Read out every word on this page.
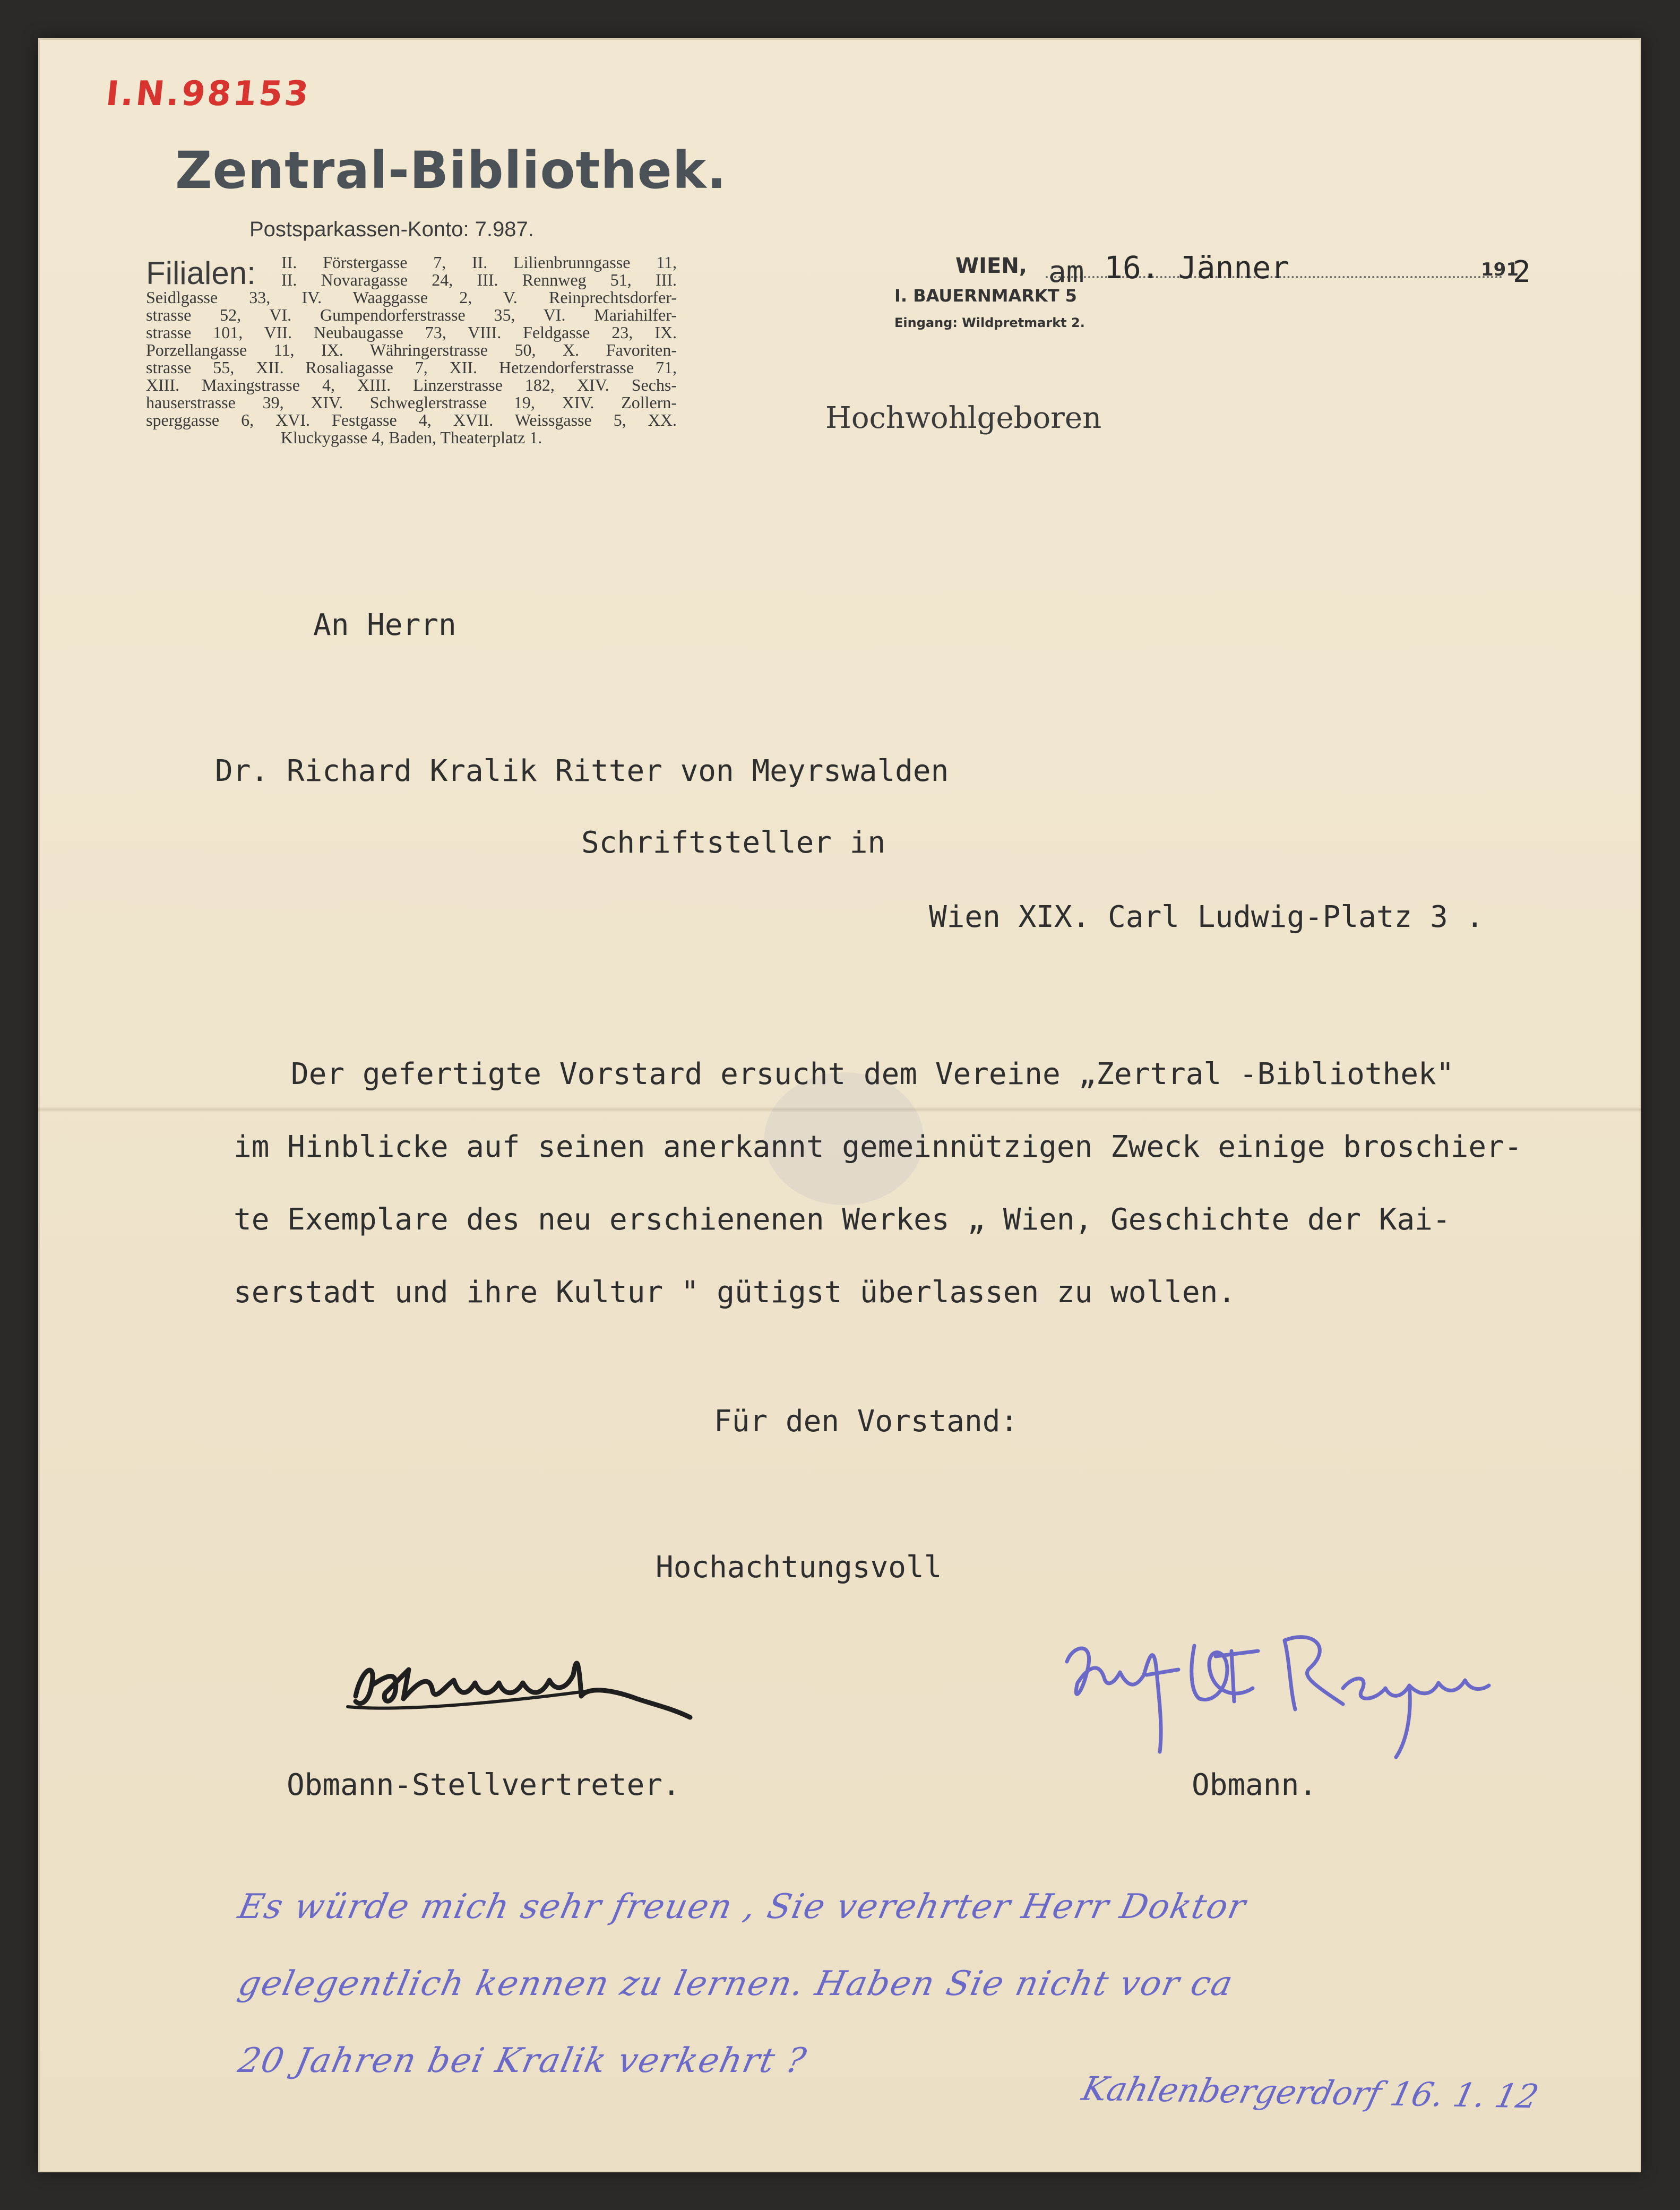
I.N.98153
Zentral-Bibliothek.
Postsparkassen-Konto: 7.987.
Filialen:	II. Förstergasse 7, II. Lilienbrunngasse 11,
II. Novaragasse 24, III. Rennweg 51, III.
Seidlgasse 33, IV. Waaggasse 2, V. Reinprechtsdorfer-
strasse 52, VI. Gumpendorferstrasse 35, VI. Mariahilfer-
strasse 101, VII. Neubaugasse 73, VIII. Feldgasse 23, IX.
Porzellangasse 11, IX. Währingerstrasse 50, X. Favoriten-
strasse 55, XII. Rosaliagasse 7, XII. Hetzendorferstrasse 71,
XIII. Maxingstrasse 4, XIII. Linzerstrasse 182, XIV. Sechs-
hauserstrasse 39, XIV. Schweglerstrasse 19, XIV. Zollern-
sperggasse 6, XVI. Festgasse 4, XVII. Weissgasse 5, XX.
Kluckygasse 4, Baden, Theaterplatz 1.
WIEN, am 16. Jänner	191
2
I. BAUERNMARKT 5
Eingang: Wildpretmarkt 2.
Hochwohlgeboren
An Herrn
Dr. Richard Kralik Ritter von Meyrswalden
Schriftsteller in
Wien XIX. Carl Ludwig-Platz 3 .
Der gefertigte Vorstard ersucht dem Vereine „Zertral -Bibliothek"
im Hinblicke auf seinen anerkannt gemeinnützigen Zweck einige broschier-
te Exemplare des neu erschienenen Werkes „ Wien, Geschichte der Kai-
serstadt und ihre Kultur " gütigst überlassen zu wollen.
Für den Vorstand:
Hochachtungsvoll
Obmann-Stellvertreter.	Obmann.
Es würde mich sehr freuen , Sie verehrter Herr Doktor
gelegentlich kennen zu lernen. Haben Sie nicht vor ca
20 Jahren bei Kralik verkehrt ?
Kahlenbergerdorf 16. 1. 12
